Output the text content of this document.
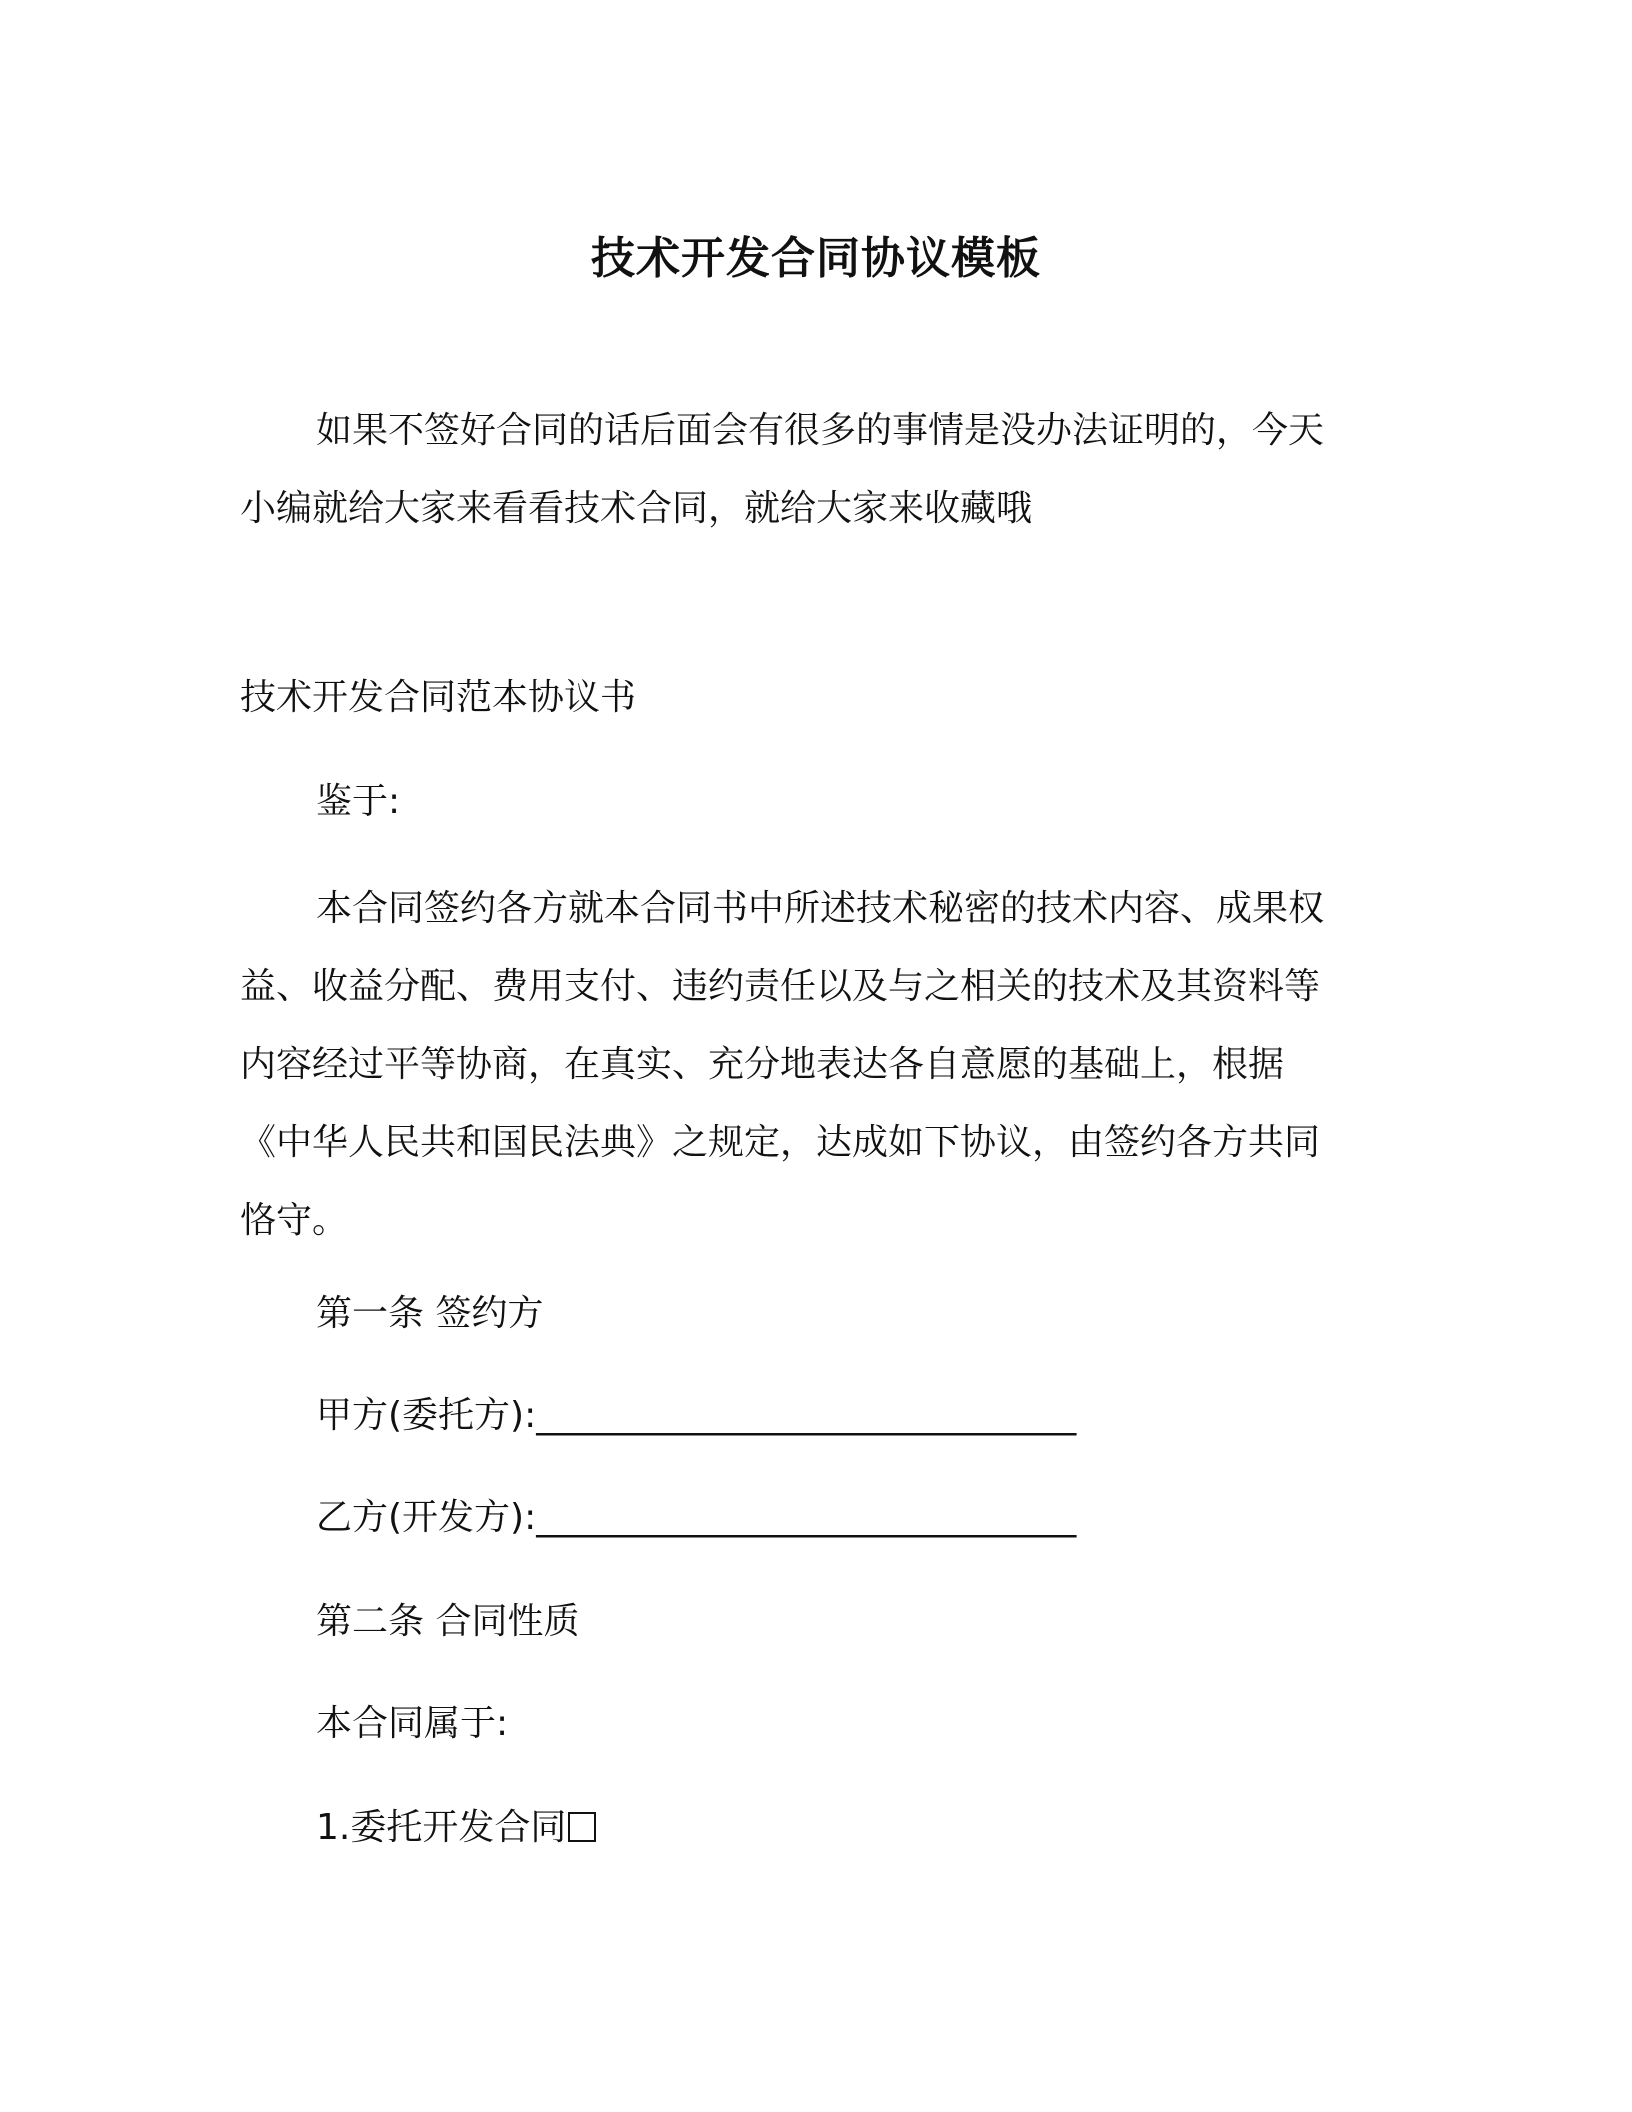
技术开发合同协议模板

如果不签好合同的话后面会有很多的事情是没办法证明的，今天小编就给大家来看看技术合同，就给大家来收藏哦

技术开发合同范本协议书

鉴于:

本合同签约各方就本合同书中所述技术秘密的技术内容、成果权益、收益分配、费用支付、违约责任以及与之相关的技术及其资料等内容经过平等协商，在真实、充分地表达各自意愿的基础上，根据《中华人民共和国民法典》之规定，达成如下协议，由签约各方共同恪守。

第一条 签约方

甲方(委托方):______________________________

乙方(开发方):______________________________

第二条 合同性质

本合同属于:

1.委托开发合同
